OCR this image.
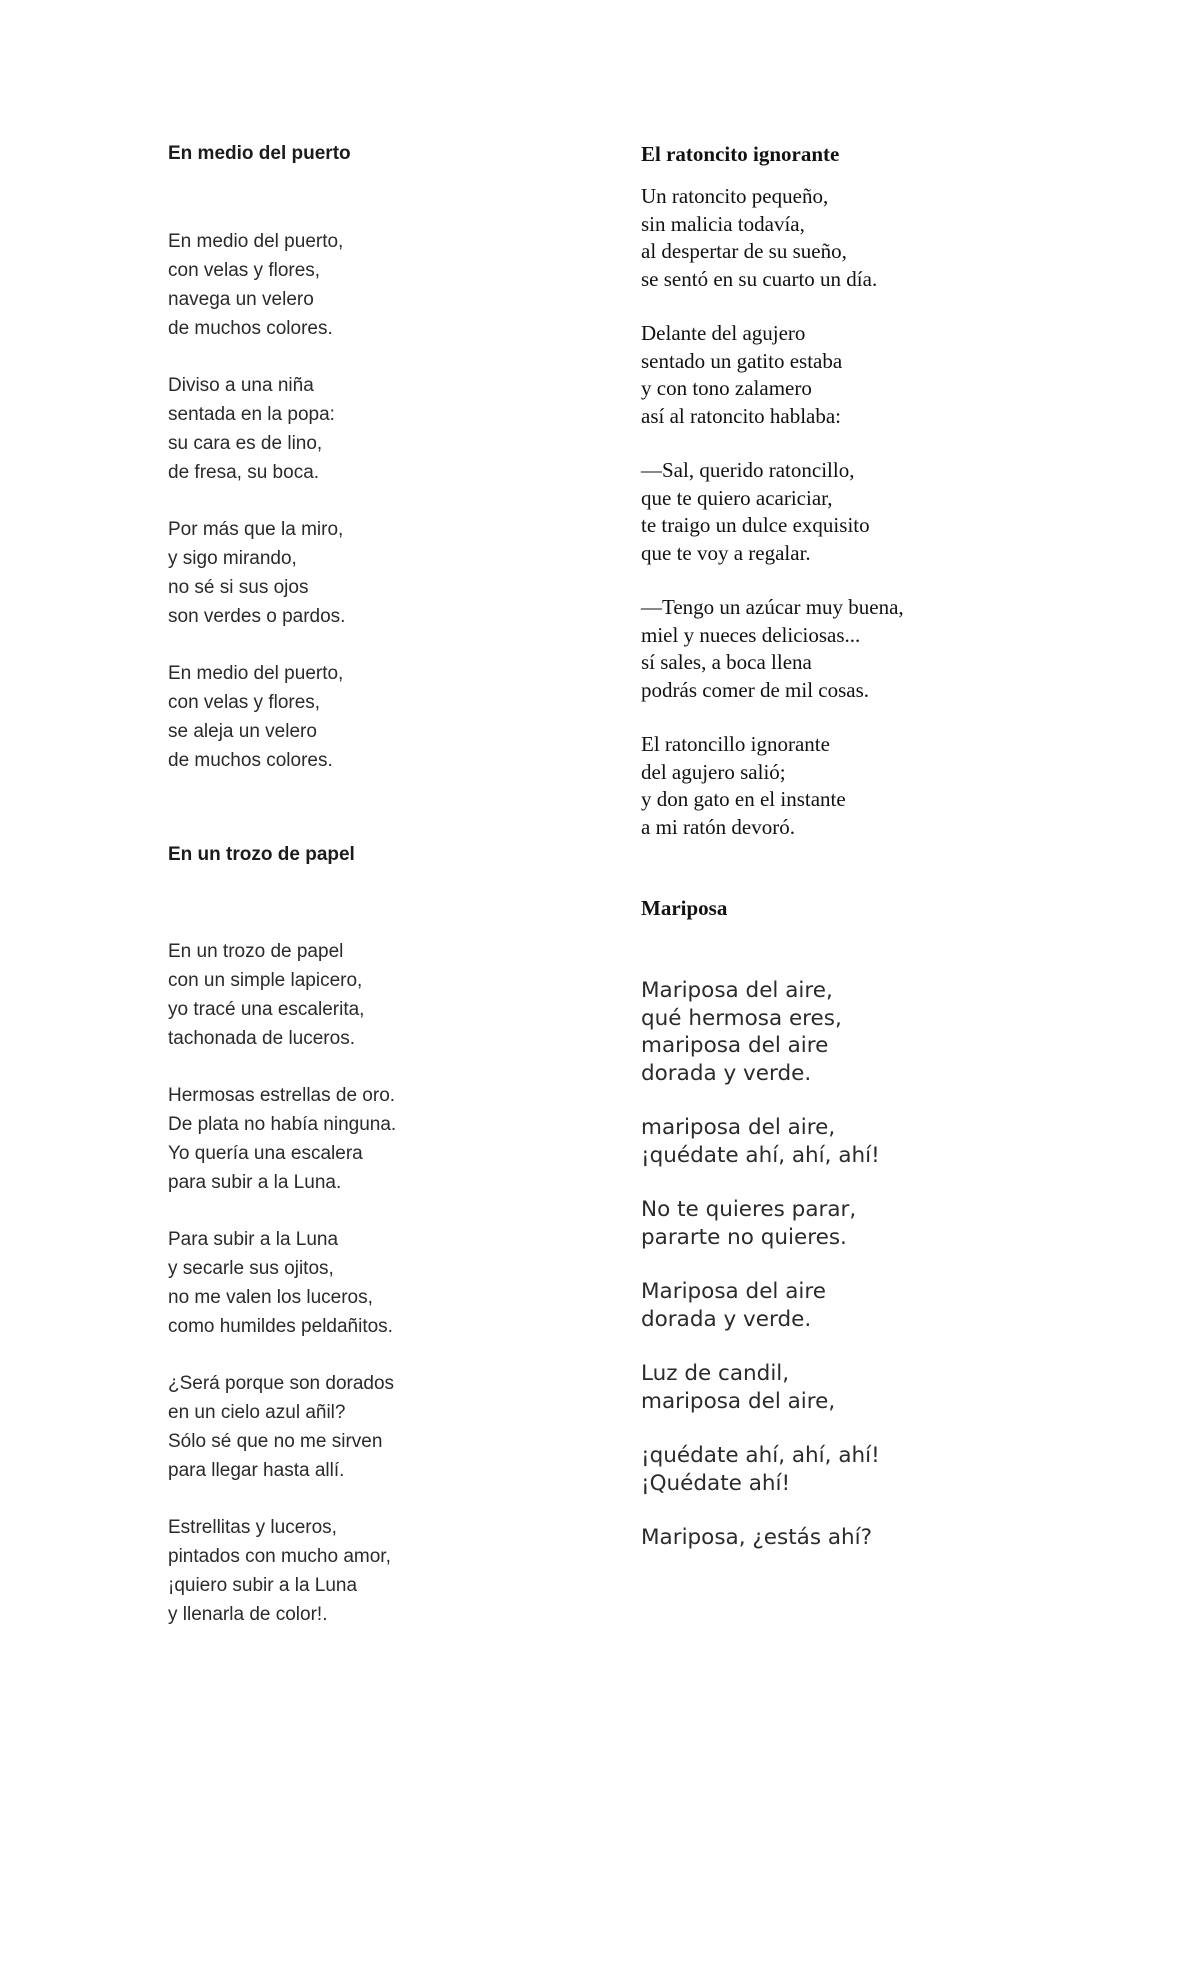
En medio del puerto

En medio del puerto,
con velas y flores,
navega un velero
de muchos colores.

Diviso a una niña
sentada en la popa:
su cara es de lino,
de fresa, su boca.

Por más que la miro,
y sigo mirando,
no sé si sus ojos
son verdes o pardos.

En medio del puerto,
con velas y flores,
se aleja un velero
de muchos colores.

En un trozo de papel

En un trozo de papel
con un simple lapicero,
yo tracé una escalerita,
tachonada de luceros.

Hermosas estrellas de oro.
De plata no había ninguna.
Yo quería una escalera
para subir a la Luna.

Para subir a la Luna
y secarle sus ojitos,
no me valen los luceros,
como humildes peldañitos.

¿Será porque son dorados
en un cielo azul añil?
Sólo sé que no me sirven
para llegar hasta allí.

Estrellitas y luceros,
pintados con mucho amor,
¡quiero subir a la Luna
y llenarla de color!.

El ratoncito ignorante

Un ratoncito pequeño,
sin malicia todavía,
al despertar de su sueño,
se sentó en su cuarto un día.

Delante del agujero
sentado un gatito estaba
y con tono zalamero
así al ratoncito hablaba:

—Sal, querido ratoncillo,
que te quiero acariciar,
te traigo un dulce exquisito
que te voy a regalar.

—Tengo un azúcar muy buena,
miel y nueces deliciosas...
sí sales, a boca llena
podrás comer de mil cosas.

El ratoncillo ignorante
del agujero salió;
y don gato en el instante
a mi ratón devoró.

Mariposa

Mariposa del aire,
qué hermosa eres,
mariposa del aire
dorada y verde.

mariposa del aire,
¡quédate ahí, ahí, ahí!

No te quieres parar,
pararte no quieres.

Mariposa del aire
dorada y verde.

Luz de candil,
mariposa del aire,

¡quédate ahí, ahí, ahí!
¡Quédate ahí!

Mariposa, ¿estás ahí?
